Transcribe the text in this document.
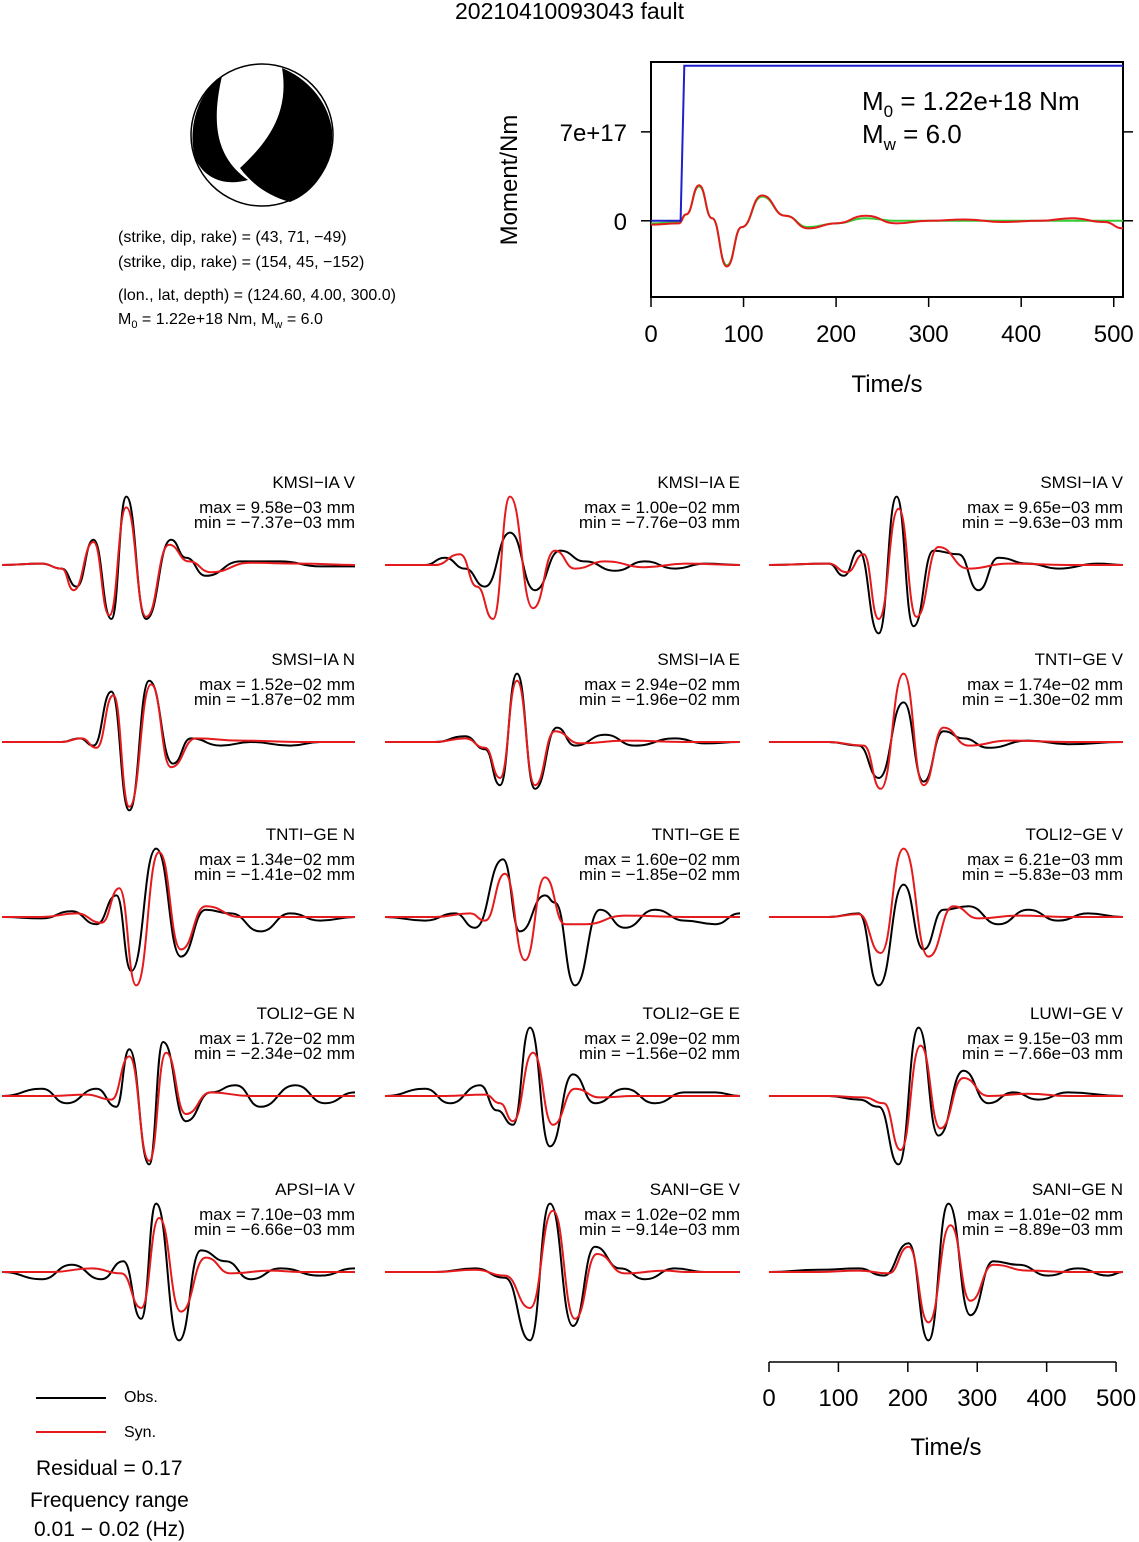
20210410093043 fault
(strike, dip, rake) = (43, 71, −49)
(strike, dip, rake) = (154, 45, −152)
(lon., lat, depth) = (124.60, 4.00, 300.0)
$M_0 = 1.22e+18$ Nm, $M_w = 6.0$
0
7e+17
0	100 200 300 400 500
Time/s
Moment/Nm
$M_0 = 1.22e+18$ Nm
$M_w = 6.0$
KMSI−IA V
max = 9.58e−03 mm
min = −7.37e−03 mm
KMSI−IA E
max = 1.00e−02 mm
min = −7.76e−03 mm
SMSI−IA V
max = 9.65e−03 mm
min = −9.63e−03 mm
SMSI−IA N
max = 1.52e−02 mm
min = −1.87e−02 mm
SMSI−IA E
max = 2.94e−02 mm
min = −1.96e−02 mm
TNTI−GE V
max = 1.74e−02 mm
min = −1.30e−02 mm
TNTI−GE N
max = 1.34e−02 mm
min = −1.41e−02 mm
TNTI−GE E
max = 1.60e−02 mm
min = −1.85e−02 mm
TOLI2−GE V
max = 6.21e−03 mm
min = −5.83e−03 mm
TOLI2−GE N
max = 1.72e−02 mm
min = −2.34e−02 mm
TOLI2−GE E
max = 2.09e−02 mm
min = −1.56e−02 mm
LUWI−GE V
max = 9.15e−03 mm
min = −7.66e−03 mm
APSI−IA V
max = 7.10e−03 mm
min = −6.66e−03 mm
SANI−GE V
max = 1.02e−02 mm
min = −9.14e−03 mm
SANI−GE N
max = 1.01e−02 mm
min = −8.89e−03 mm
0 100 200 300 400 500
Time/s
Obs.
Syn.
Residual = 0.17
Frequency range
0.01 − 0.02 (Hz)
